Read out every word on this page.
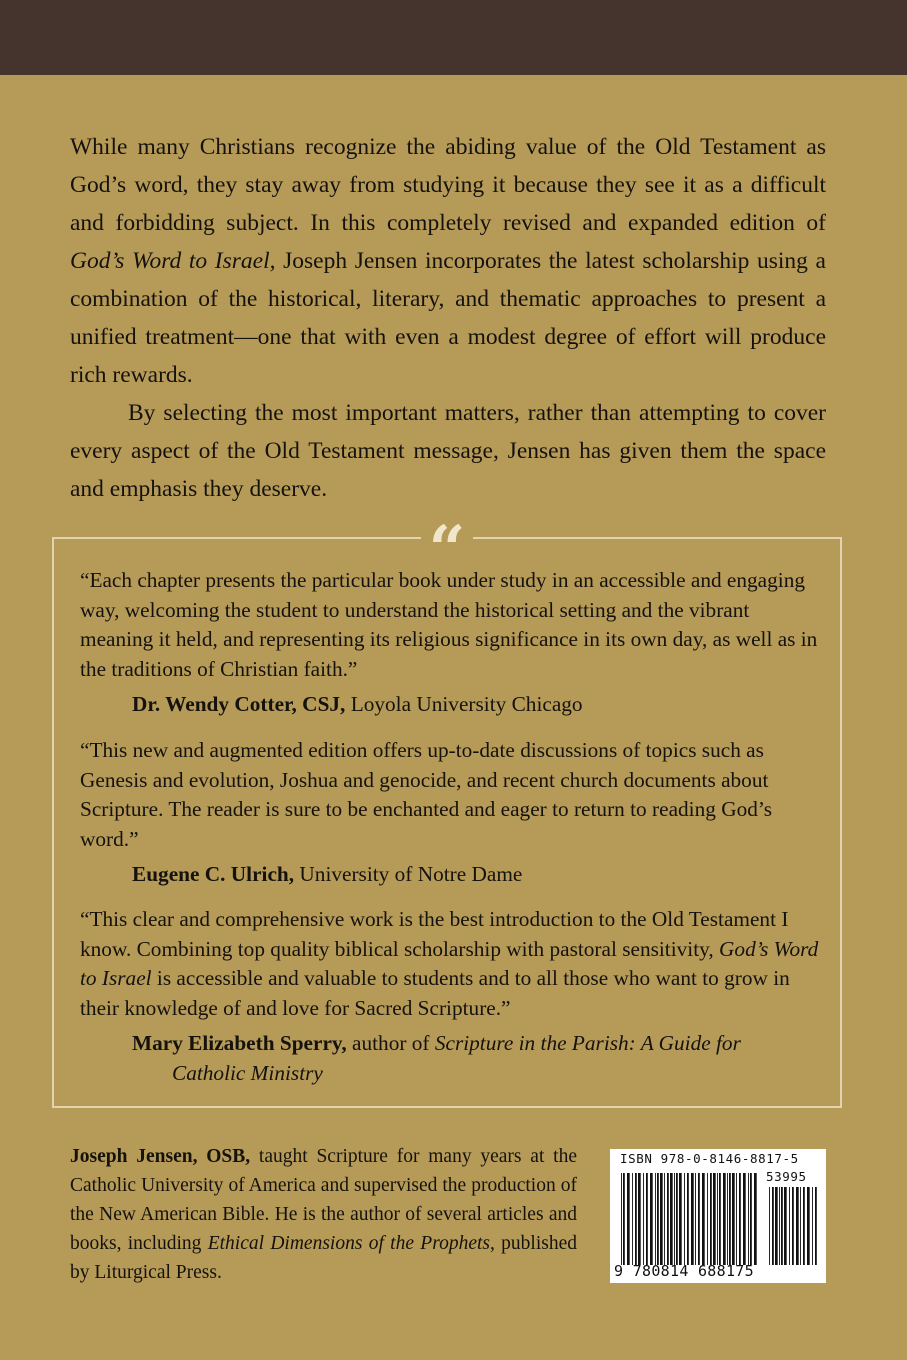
While many Christians recognize the abiding value of the Old Testament as God’s word, they stay away from studying it because they see it as a difficult and forbidding subject. In this completely revised and expanded edition of God’s Word to Israel, Joseph Jensen incorporates the latest scholarship using a combination of the historical, literary, and thematic approaches to present a unified treatment—one that with even a modest degree of effort will produce rich rewards.

By selecting the most important matters, rather than attempting to cover every aspect of the Old Testament message, Jensen has given them the space and emphasis they deserve.

“

“Each chapter presents the particular book under study in an accessible and engaging way, welcoming the student to understand the historical setting and the vibrant meaning it held, and representing its religious significance in its own day, as well as in the traditions of Christian faith.”

Dr. Wendy Cotter, CSJ, Loyola University Chicago

“This new and augmented edition offers up-to-date discussions of topics such as Genesis and evolution, Joshua and genocide, and recent church documents about Scripture. The reader is sure to be enchanted and eager to return to reading God’s word.”

Eugene C. Ulrich, University of Notre Dame

“This clear and comprehensive work is the best introduction to the Old Testament I know. Combining top quality biblical scholarship with pastoral sensitivity, God’s Word to Israel is accessible and valuable to students and to all those who want to grow in their knowledge of and love for Sacred Scripture.”

Mary Elizabeth Sperry, author of Scripture in the Parish: A Guide for
Catholic Ministry

Joseph Jensen, OSB, taught Scripture for many years at the Catholic University of America and supervised the production of the New American Bible. He is the author of several articles and books, including Ethical Dimensions of the Prophets, published by Liturgical Press.

ISBN 978-0-8146-8817-5
53995
9 780814 688175
